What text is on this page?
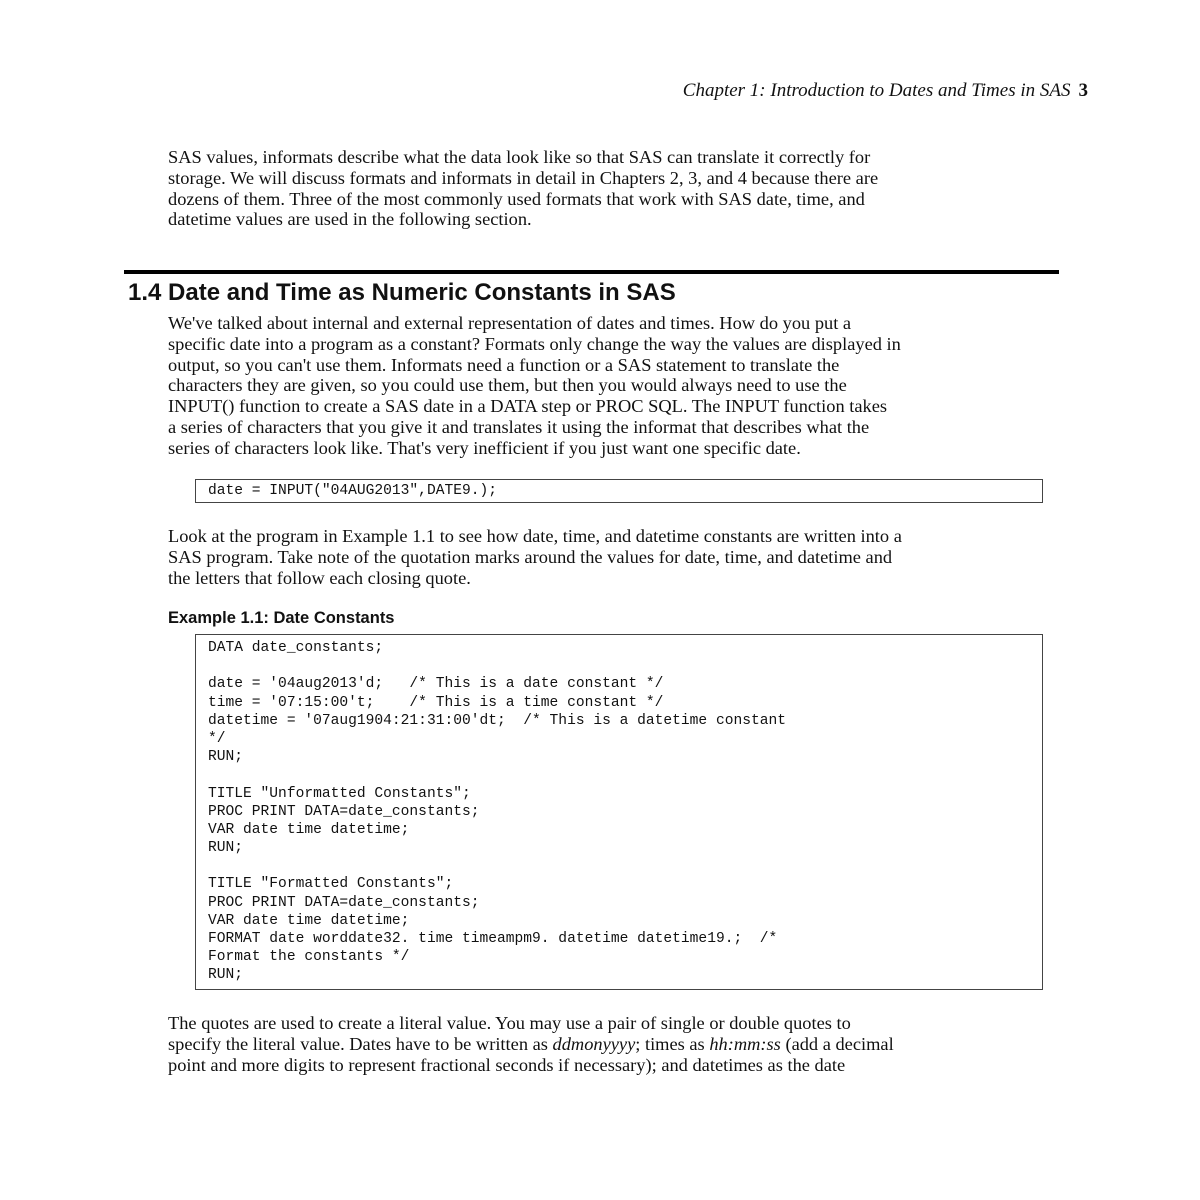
Chapter 1: Introduction to Dates and Times in SAS 3
SAS values, informats describe what the data look like so that SAS can translate it correctly for
storage. We will discuss formats and informats in detail in Chapters 2, 3, and 4 because there are
dozens of them. Three of the most commonly used formats that work with SAS date, time, and
datetime values are used in the following section.
1.4 Date and Time as Numeric Constants in SAS
We've talked about internal and external representation of dates and times. How do you put a
specific date into a program as a constant? Formats only change the way the values are displayed in
output, so you can't use them. Informats need a function or a SAS statement to translate the
characters they are given, so you could use them, but then you would always need to use the
INPUT() function to create a SAS date in a DATA step or PROC SQL. The INPUT function takes
a series of characters that you give it and translates it using the informat that describes what the
series of characters look like. That's very inefficient if you just want one specific date.
date = INPUT("04AUG2013",DATE9.);
Look at the program in Example 1.1 to see how date, time, and datetime constants are written into a
SAS program. Take note of the quotation marks around the values for date, time, and datetime and
the letters that follow each closing quote.
Example 1.1: Date Constants
DATA date_constants;
date = '04aug2013'd;   /* This is a date constant */
time = '07:15:00't;    /* This is a time constant */
datetime = '07aug1904:21:31:00'dt;  /* This is a datetime constant
*/
RUN;
TITLE "Unformatted Constants";
PROC PRINT DATA=date_constants;
VAR date time datetime;
RUN;
TITLE "Formatted Constants";
PROC PRINT DATA=date_constants;
VAR date time datetime;
FORMAT date worddate32. time timeampm9. datetime datetime19.;  /*
Format the constants */
RUN;
The quotes are used to create a literal value. You may use a pair of single or double quotes to
specify the literal value. Dates have to be written as ddmonyyyy; times as hh:mm:ss (add a decimal
point and more digits to represent fractional seconds if necessary); and datetimes as the date
